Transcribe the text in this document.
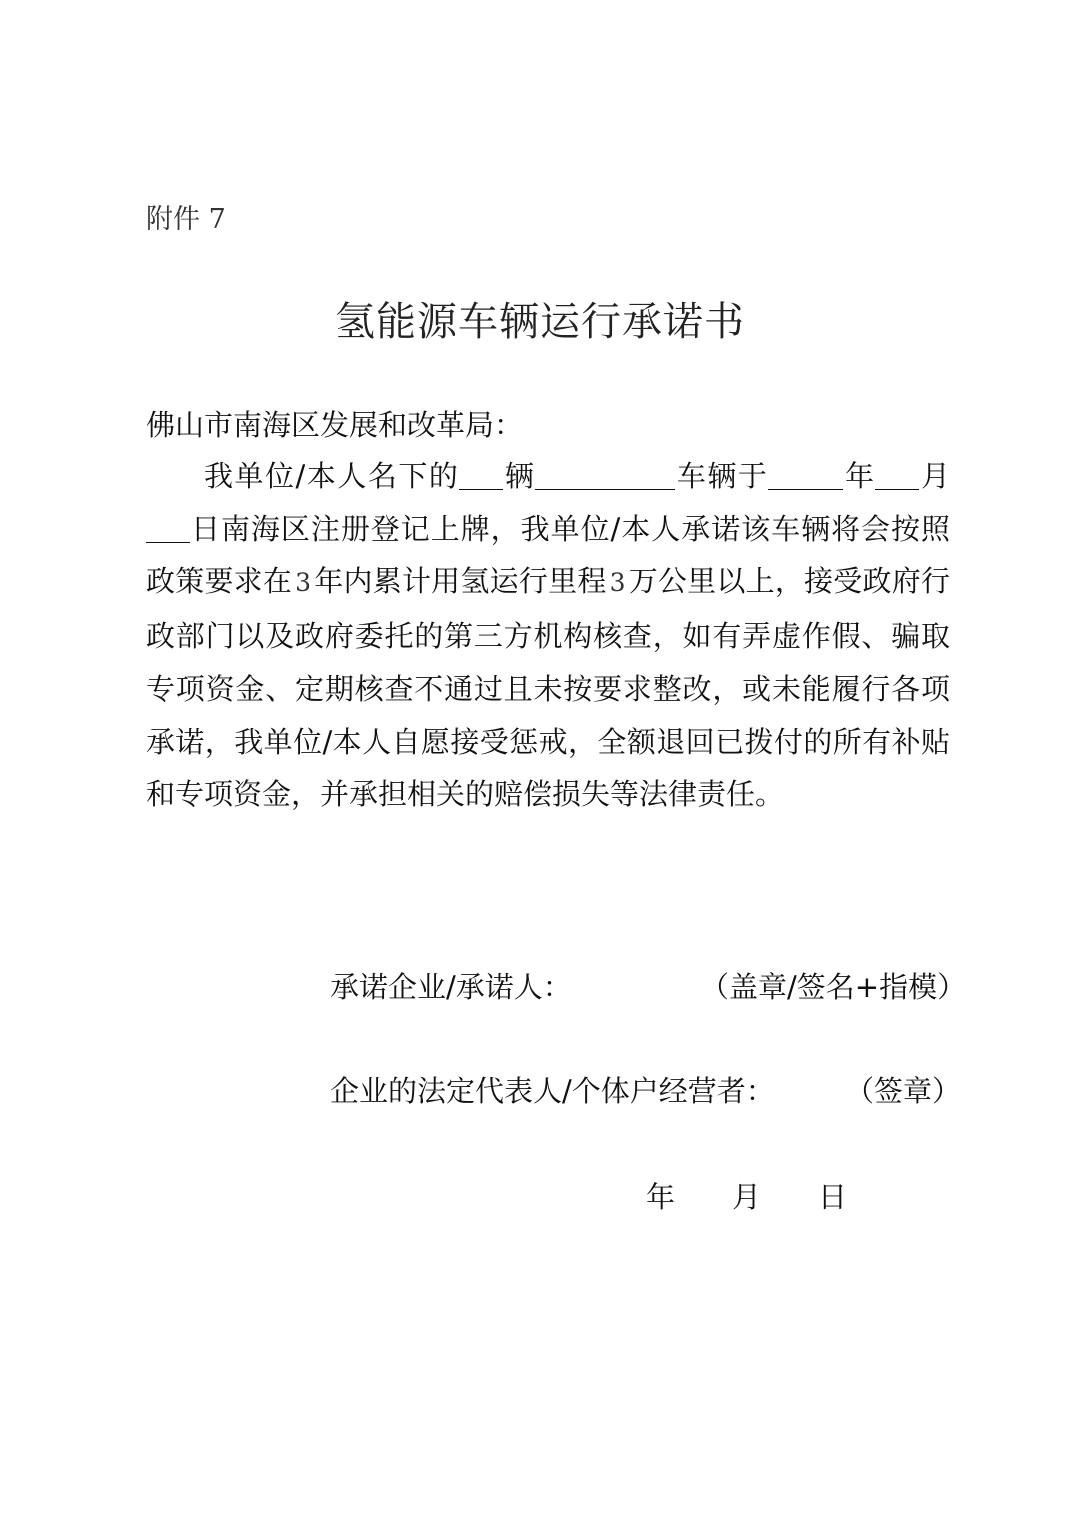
附件 7
氢能源车辆运行承诺书
佛山市南海区发展和改革局：
我单位/本人名下的 辆	车辆于	年 月日南海区注册登记上牌，我单位/本人承诺该车辆将会按照政策要求在 3 年内累计用氢运行里程 3 万公里以上，接受政府行政部门以及政府委托的第三方机构核查，如有弄虚作假、骗取专项资金、定期核查不通过且未按要求整改，或未能履行各项承诺，我单位/本人自愿接受惩戒，全额退回已拨付的所有补贴和专项资金，并承担相关的赔偿损失等法律责任。
承诺企业/承诺人：	（盖章/签名+指模）
企业的法定代表人/个体户经营者： （签章）
年 月 日
